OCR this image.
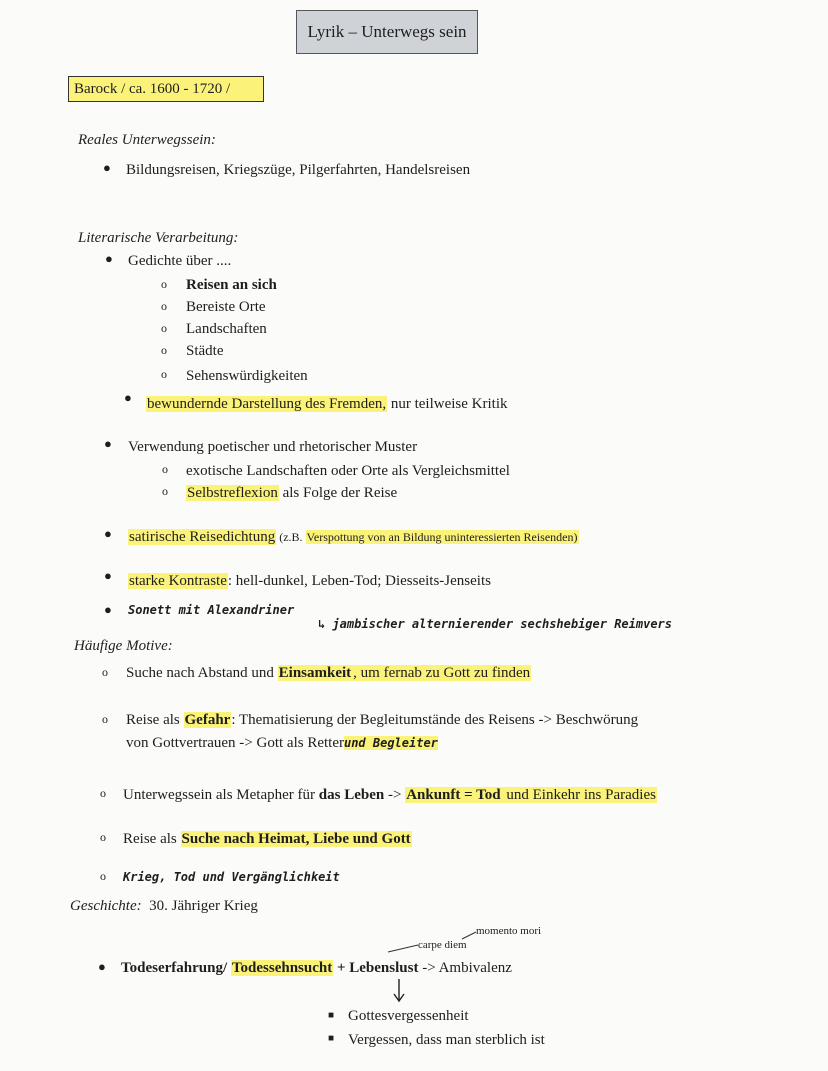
Lyrik – Unterwegs sein
Barock / ca. 1600 - 1720 /
Reales Unterwegssein:
● Bildungsreisen, Kriegszüge, Pilgerfahrten, Handelsreisen
Literarische Verarbeitung:
● Gedichte über ....
o Reisen an sich
o Bereiste Orte
o Landschaften
o Städte
o Sehenswürdigkeiten
● bewundernde Darstellung des Fremden, nur teilweise Kritik
● Verwendung poetischer und rhetorischer Muster
o exotische Landschaften oder Orte als Vergleichsmittel
o Selbstreflexion als Folge der Reise
● satirische Reisedichtung (z.B. Verspottung von an Bildung uninteressierten Reisenden)
● starke Kontraste: hell-dunkel, Leben-Tod; Diesseits-Jenseits
● Sonett mit Alexandriner
↳ jambischer alternierender sechshebiger Reimvers
Häufige Motive:
o Suche nach Abstand und Einsamkeit , um fernab zu Gott zu finden
o Reise als Gefahr: Thematisierung der Begleitumstände des Reisens -> Beschwörung
von Gottvertrauen -> Gott als Retterund Begleiter
o Unterwegssein als Metapher für das Leben -> Ankunft = Tod und Einkehr ins Paradies
o Reise als Suche nach Heimat, Liebe und Gott
o Krieg, Tod und Vergänglichkeit
Geschichte: 30. Jähriger Krieg
momento mori
carpe diem
● Todeserfahrung/ Todessehnsucht + Lebenslust -> Ambivalenz
■ Gottesvergessenheit
■ Vergessen, dass man sterblich ist
